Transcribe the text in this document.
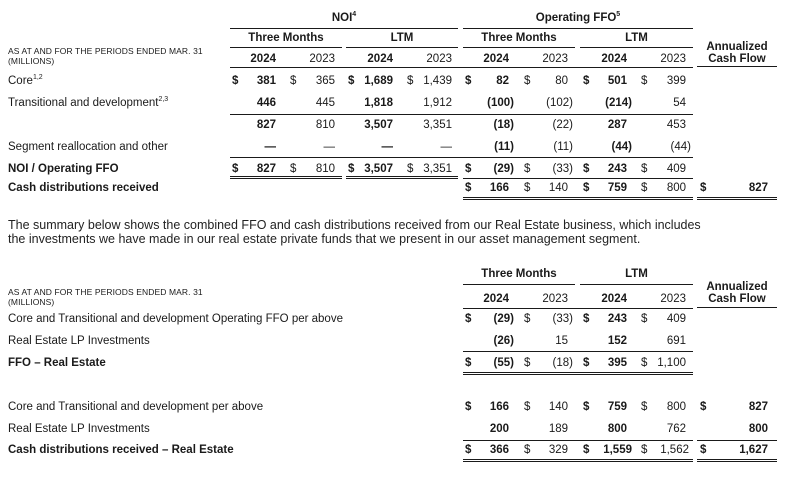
NOI$^4$	Operating FFO$^5$
Three Months	LTM	Three Months	LTM
Annualized
Cash Flow
AS AT AND FOR THE PERIODS ENDED MAR. 31
(MILLIONS)	2024	2023	2024	2023	2024	2023	2024	2023
Core$^{1,2}$	$	381 $	365 $ 1,689 $ 1,439 $	82 $	80 $	501 $	399
Transitional and development$^{2,3}$	446	445	1,818	1,912	(100)	(102)	(214)	54
827	810	3,507	3,351	(18)	(22)	287	453
Segment reallocation and other	—	—	—	—	(11)	(11)	(44)	(44)
NOI / Operating FFO	$	827 $	810 $ 3,507 $ 3,351 $	(29) $	(33) $	243 $	409
Cash distributions received	$	166 $	140 $	759 $	800 $	827
The summary below shows the combined FFO and cash distributions received from our Real Estate business, which includes
the investments we have made in our real estate private funds that we present in our asset management segment.
Three Months	LTM
Annualized
Cash Flow
AS AT AND FOR THE PERIODS ENDED MAR. 31
(MILLIONS)	2024	2023	2024	2023
Core and Transitional and development Operating FFO per above	$	(29) $	(33) $	243 $	409
Real Estate LP Investments	(26)	15	152	691
FFO – Real Estate	$	(55) $	(18) $	395 $ 1,100
Core and Transitional and development per above	$	166 $	140 $	759 $	800 $	827
Real Estate LP Investments	200	189	800	762	800
Cash distributions received – Real Estate	$	366 $	329 $	1,559 $	1,562 $	1,627
